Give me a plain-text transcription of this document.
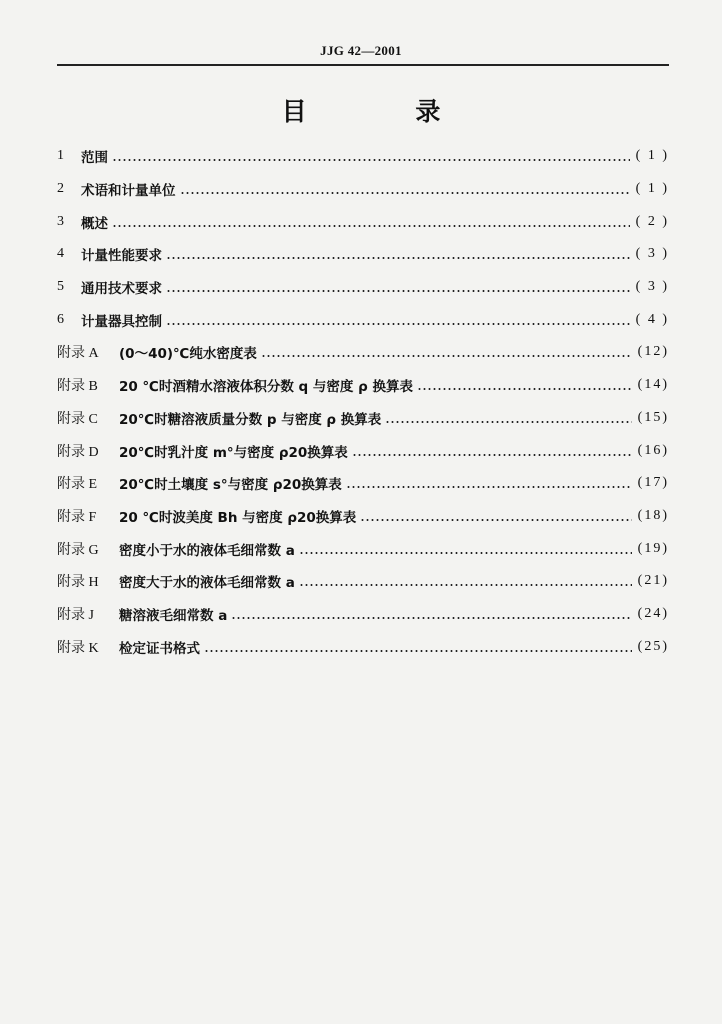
JJG 42—2001
目 录
1	范围	( 1 )
2	术语和计量单位	( 1 )
3	概述	( 2 )
4	计量性能要求	( 3 )
5	通用技术要求	( 3 )
6	计量器具控制	( 4 )
附录 A	(0～40)℃纯水密度表	(12)
附录 B	20 ℃时酒精水溶液体积分数 q 与密度 ρ 换算表	(14)
附录 C	20℃时糖溶液质量分数 p 与密度 ρ 换算表	(15)
附录 D	20℃时乳汁度 m°与密度 ρ20换算表	(16)
附录 E	20℃时土壤度 s°与密度 ρ20换算表	(17)
附录 F	20 ℃时波美度 Bh 与密度 ρ20换算表	(18)
附录 G	密度小于水的液体毛细常数 a	(19)
附录 H	密度大于水的液体毛细常数 a	(21)
附录 J	糖溶液毛细常数 a	(24)
附录 K	检定证书格式	(25)
